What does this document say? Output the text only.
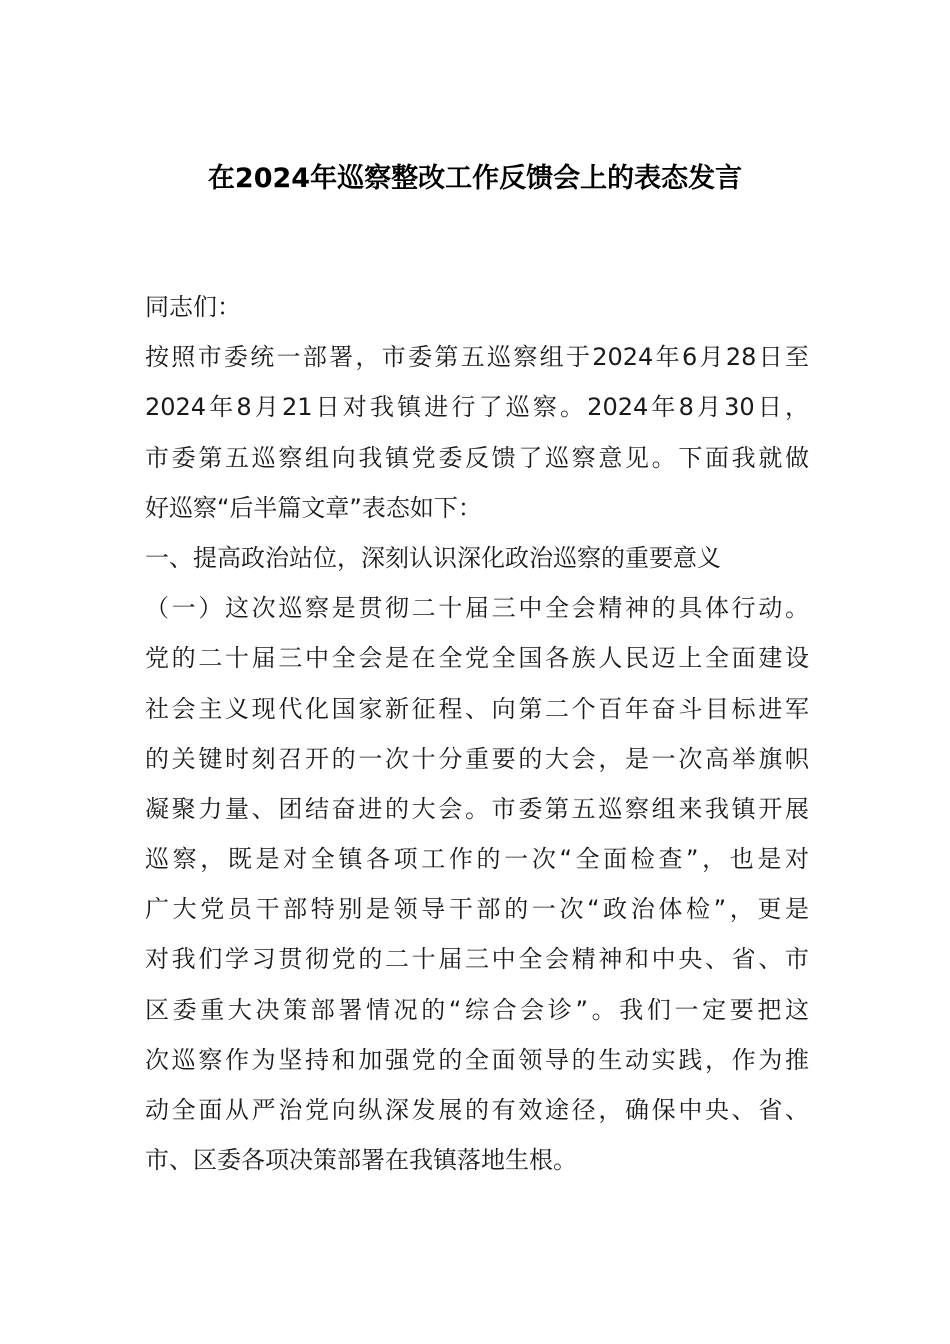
在2024年巡察整改工作反馈会上的表态发言
同志们：
按照市委统一部署，市委第五巡察组于2024年6月28日至
2024年8月21日对我镇进行了巡察。2024年8月30日，
市委第五巡察组向我镇党委反馈了巡察意见。下面我就做
好巡察“后半篇文章”表态如下：
一、提高政治站位，深刻认识深化政治巡察的重要意义
（一）这次巡察是贯彻二十届三中全会精神的具体行动。
党的二十届三中全会是在全党全国各族人民迈上全面建设
社会主义现代化国家新征程、向第二个百年奋斗目标进军
的关键时刻召开的一次十分重要的大会，是一次高举旗帜
凝聚力量、团结奋进的大会。市委第五巡察组来我镇开展
巡察，既是对全镇各项工作的一次“全面检查”，也是对
广大党员干部特别是领导干部的一次“政治体检”，更是
对我们学习贯彻党的二十届三中全会精神和中央、省、市
区委重大决策部署情况的“综合会诊”。我们一定要把这
次巡察作为坚持和加强党的全面领导的生动实践，作为推
动全面从严治党向纵深发展的有效途径，确保中央、省、
市、区委各项决策部署在我镇落地生根。
